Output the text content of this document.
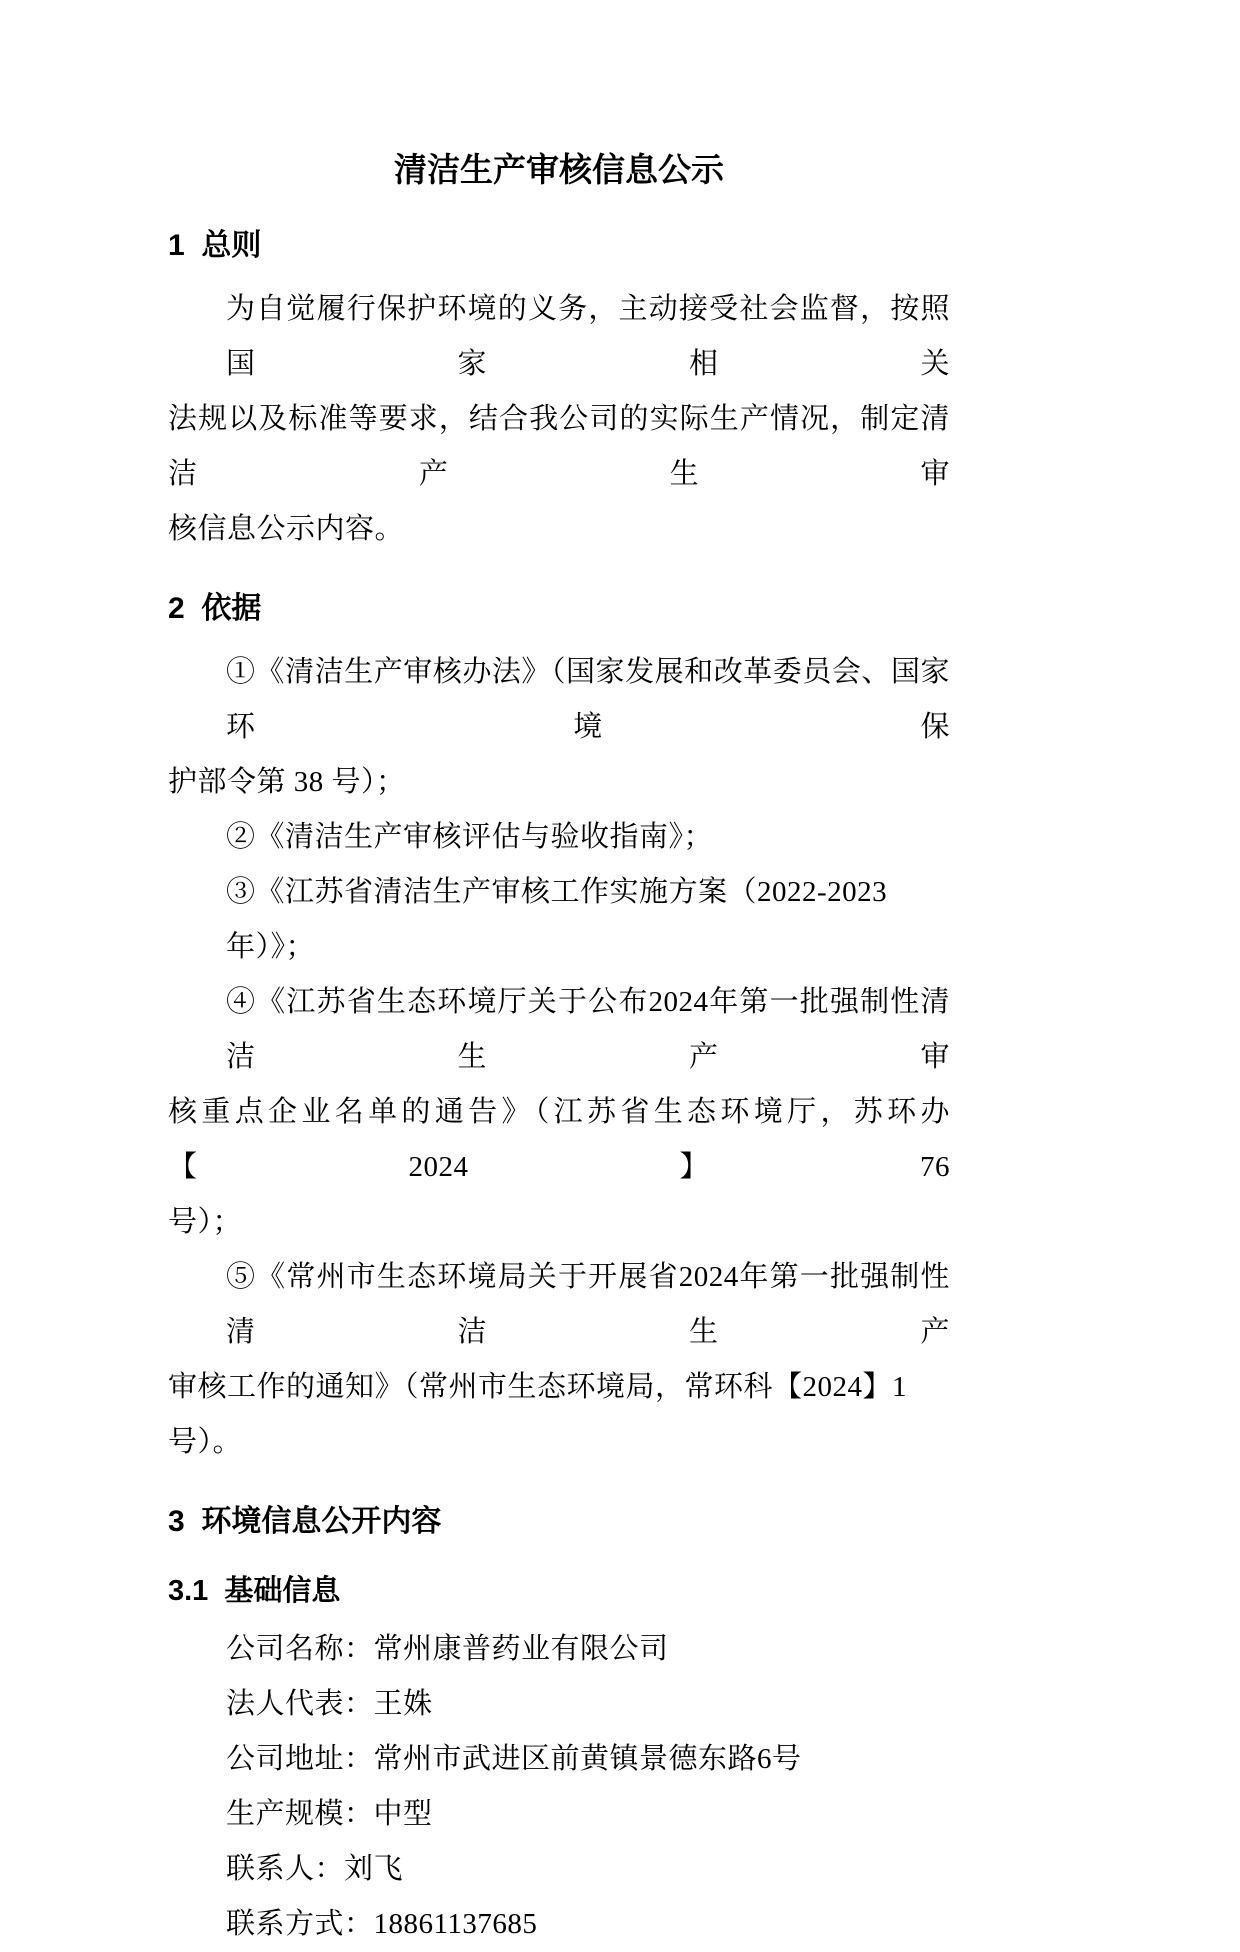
清洁生产审核信息公示
1  总则
为自觉履行保护环境的义务，主动接受社会监督，按照国家相关
法规以及标准等要求，结合我公司的实际生产情况，制定清洁产生审
核信息公示内容。
2  依据
①《清洁生产审核办法》（国家发展和改革委员会、国家环境保
护部令第 38 号）；
②《清洁生产审核评估与验收指南》；
③《江苏省清洁生产审核工作实施方案（2022-2023年）》；
④《江苏省生态环境厅关于公布2024年第一批强制性清洁生产审
核重点企业名单的通告》（江苏省生态环境厅，苏环办【2024】76
号）；
⑤《常州市生态环境局关于开展省2024年第一批强制性清洁生产
审核工作的通知》（常州市生态环境局，常环科【2024】1号）。
3  环境信息公开内容
3.1  基础信息
公司名称：常州康普药业有限公司
法人代表：王姝
公司地址：常州市武进区前黄镇景德东路6号
生产规模：中型
联系人：刘飞
联系方式：18861137685
